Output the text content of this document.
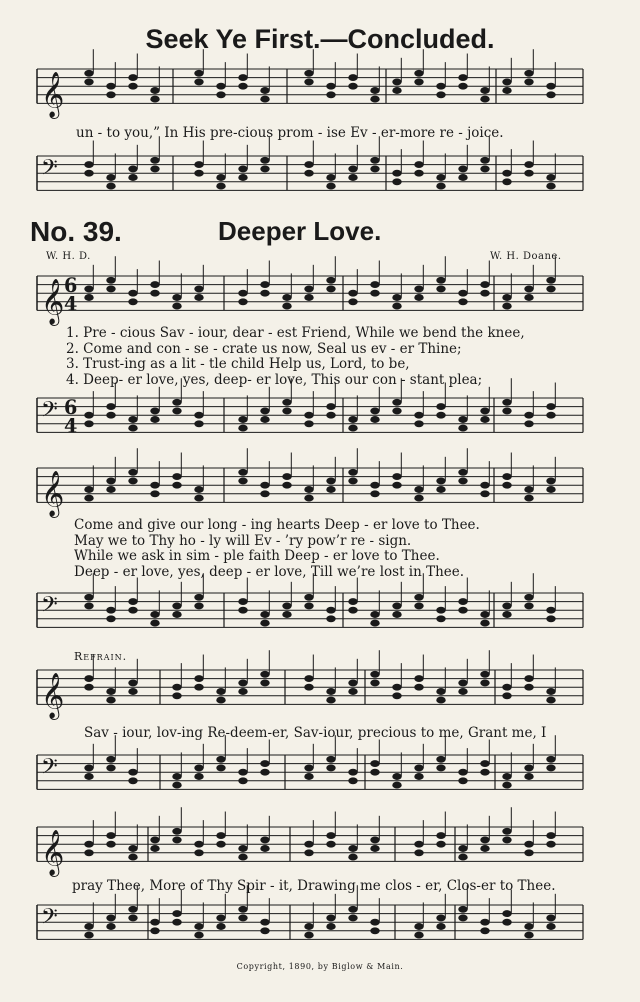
𝄞
𝄢
𝄞
𝄢
𝄞
𝄢
𝄞
𝄢
𝄞
𝄢
6
4
6
4
Seek Ye First.—Concluded.
un - to you,” In His pre-cious prom - ise Ev - er-more re - joice.
No. 39.	Deeper Love.
W. H. D.	W. H. Doane.
1. Pre - cious Sav - iour, dear - est Friend, While we bend the knee,
2. Come and con - se - crate us now, Seal us ev - er Thine;
3. Trust-ing as a lit - tle child Help us, Lord, to be,
4. Deep- er love, yes, deep- er love, This our con - stant plea;
Come and give our long - ing hearts Deep - er love to Thee.
May we to Thy ho - ly will Ev - ’ry pow’r re - sign.
While we ask in sim - ple faith Deep - er love to Thee.
Deep - er love, yes, deep - er love, Till we’re lost in Thee.
Refrain.
Sav - iour, lov-ing Re-deem-er, Sav-iour, precious to me, Grant me, I
pray Thee, More of Thy Spir - it, Drawing me clos - er, Clos-er to Thee.
Copyright, 1890, by Biglow & Main.
